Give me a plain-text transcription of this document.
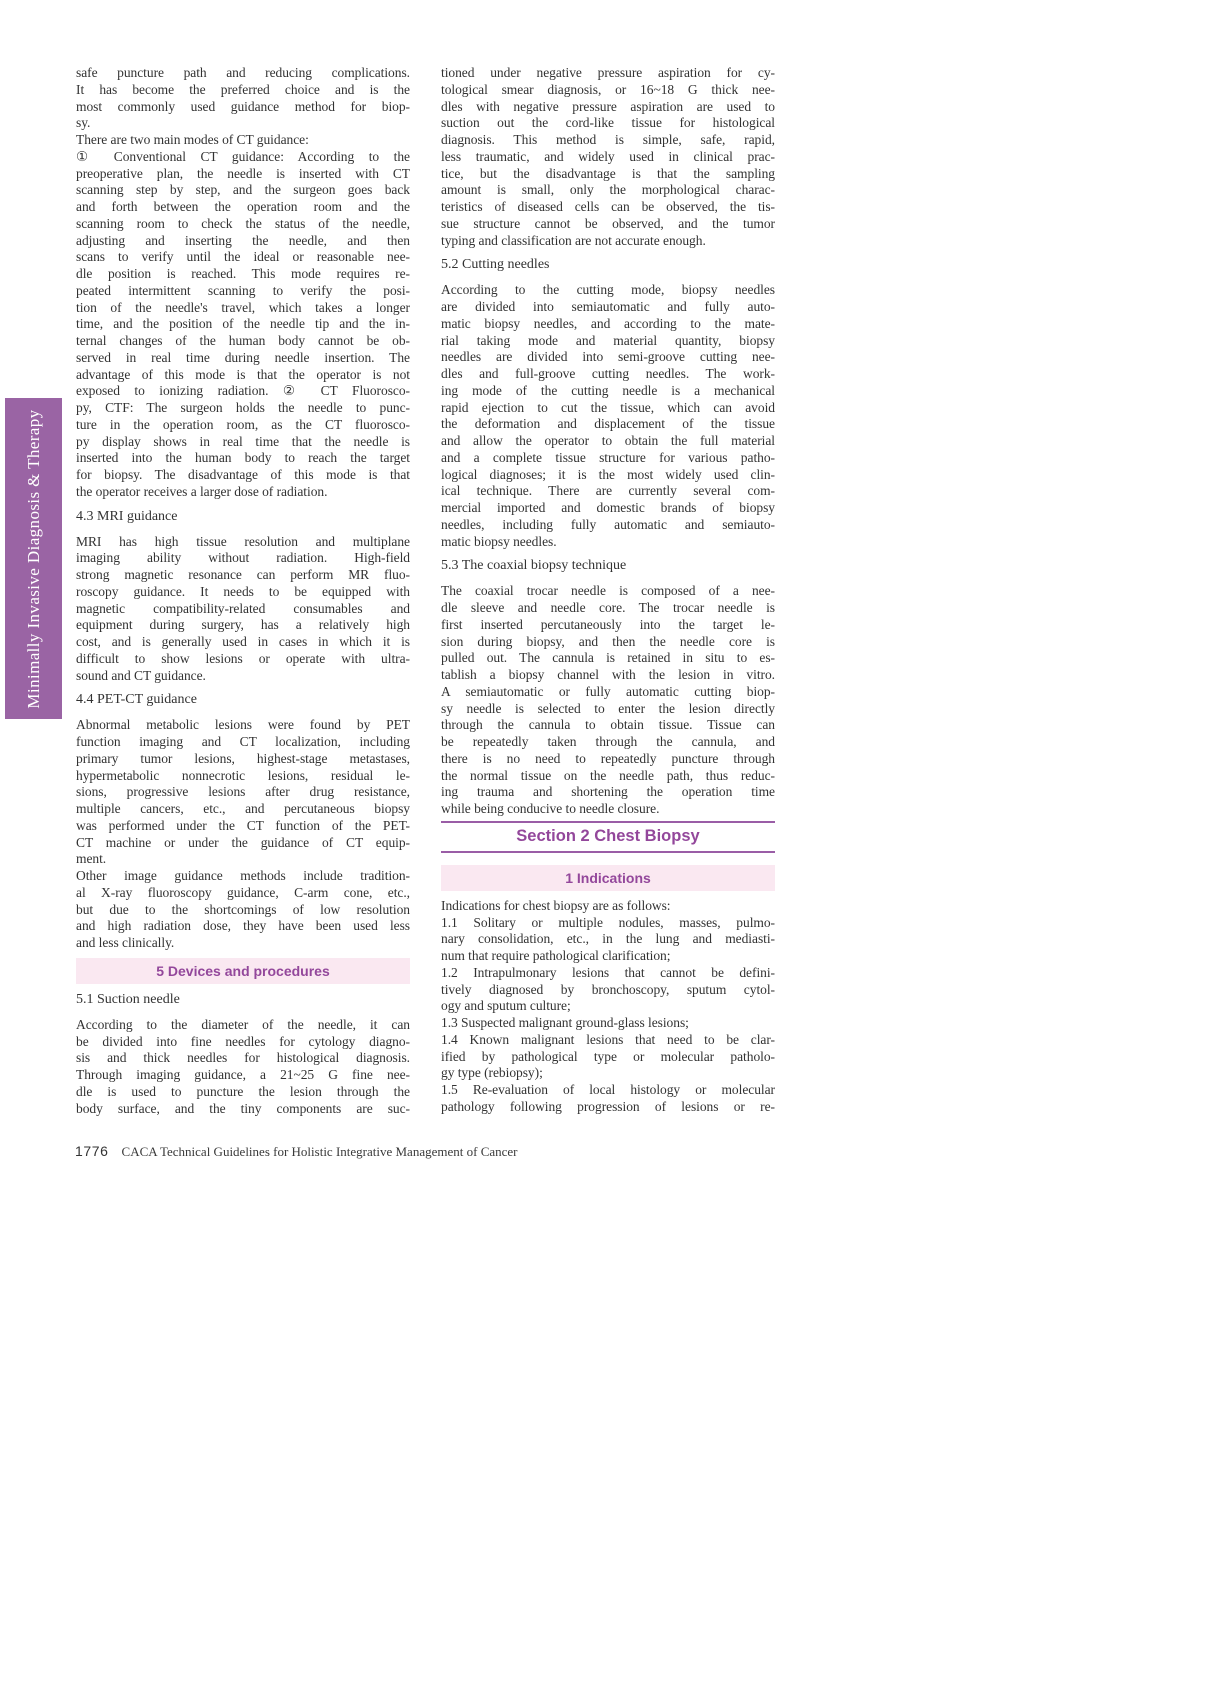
Minimally Invasive Diagnosis & Therapy
safe puncture path and reducing complications.
It has become the preferred choice and is the
most commonly used guidance method for biop-
sy.
There are two main modes of CT guidance:
① Conventional CT guidance: According to the
preoperative plan, the needle is inserted with CT
scanning step by step, and the surgeon goes back
and forth between the operation room and the
scanning room to check the status of the needle,
adjusting and inserting the needle, and then
scans to verify until the ideal or reasonable nee-
dle position is reached. This mode requires re-
peated intermittent scanning to verify the posi-
tion of the needle's travel, which takes a longer
time, and the position of the needle tip and the in-
ternal changes of the human body cannot be ob-
served in real time during needle insertion. The
advantage of this mode is that the operator is not
exposed to ionizing radiation. ② CT Fluorosco-
py, CTF: The surgeon holds the needle to punc-
ture in the operation room, as the CT fluorosco-
py display shows in real time that the needle is
inserted into the human body to reach the target
for biopsy. The disadvantage of this mode is that
the operator receives a larger dose of radiation.
4.3 MRI guidance
MRI has high tissue resolution and multiplane
imaging ability without radiation. High-field
strong magnetic resonance can perform MR fluo-
roscopy guidance. It needs to be equipped with
magnetic compatibility-related consumables and
equipment during surgery, has a relatively high
cost, and is generally used in cases in which it is
difficult to show lesions or operate with ultra-
sound and CT guidance.
4.4 PET-CT guidance
Abnormal metabolic lesions were found by PET
function imaging and CT localization, including
primary tumor lesions, highest-stage metastases,
hypermetabolic nonnecrotic lesions, residual le-
sions, progressive lesions after drug resistance,
multiple cancers, etc., and percutaneous biopsy
was performed under the CT function of the PET-
CT machine or under the guidance of CT equip-
ment.
Other image guidance methods include tradition-
al X-ray fluoroscopy guidance, C-arm cone, etc.,
but due to the shortcomings of low resolution
and high radiation dose, they have been used less
and less clinically.
5 Devices and procedures
5.1 Suction needle
According to the diameter of the needle, it can
be divided into fine needles for cytology diagno-
sis and thick needles for histological diagnosis.
Through imaging guidance, a 21~25 G fine nee-
dle is used to puncture the lesion through the
body surface, and the tiny components are suc-
tioned under negative pressure aspiration for cy-
tological smear diagnosis, or 16~18 G thick nee-
dles with negative pressure aspiration are used to
suction out the cord-like tissue for histological
diagnosis. This method is simple, safe, rapid,
less traumatic, and widely used in clinical prac-
tice, but the disadvantage is that the sampling
amount is small, only the morphological charac-
teristics of diseased cells can be observed, the tis-
sue structure cannot be observed, and the tumor
typing and classification are not accurate enough.
5.2 Cutting needles
According to the cutting mode, biopsy needles
are divided into semiautomatic and fully auto-
matic biopsy needles, and according to the mate-
rial taking mode and material quantity, biopsy
needles are divided into semi-groove cutting nee-
dles and full-groove cutting needles. The work-
ing mode of the cutting needle is a mechanical
rapid ejection to cut the tissue, which can avoid
the deformation and displacement of the tissue
and allow the operator to obtain the full material
and a complete tissue structure for various patho-
logical diagnoses; it is the most widely used clin-
ical technique. There are currently several com-
mercial imported and domestic brands of biopsy
needles, including fully automatic and semiauto-
matic biopsy needles.
5.3 The coaxial biopsy technique
The coaxial trocar needle is composed of a nee-
dle sleeve and needle core. The trocar needle is
first inserted percutaneously into the target le-
sion during biopsy, and then the needle core is
pulled out. The cannula is retained in situ to es-
tablish a biopsy channel with the lesion in vitro.
A semiautomatic or fully automatic cutting biop-
sy needle is selected to enter the lesion directly
through the cannula to obtain tissue. Tissue can
be repeatedly taken through the cannula, and
there is no need to repeatedly puncture through
the normal tissue on the needle path, thus reduc-
ing trauma and shortening the operation time
while being conducive to needle closure.
Section 2 Chest Biopsy
1 Indications
Indications for chest biopsy are as follows:
1.1 Solitary or multiple nodules, masses, pulmo-
nary consolidation, etc., in the lung and mediasti-
num that require pathological clarification;
1.2 Intrapulmonary lesions that cannot be defini-
tively diagnosed by bronchoscopy, sputum cytol-
ogy and sputum culture;
1.3 Suspected malignant ground-glass lesions;
1.4 Known malignant lesions that need to be clar-
ified by pathological type or molecular patholo-
gy type (rebiopsy);
1.5 Re-evaluation of local histology or molecular
pathology following progression of lesions or re-
1776 CACA Technical Guidelines for Holistic Integrative Management of Cancer
